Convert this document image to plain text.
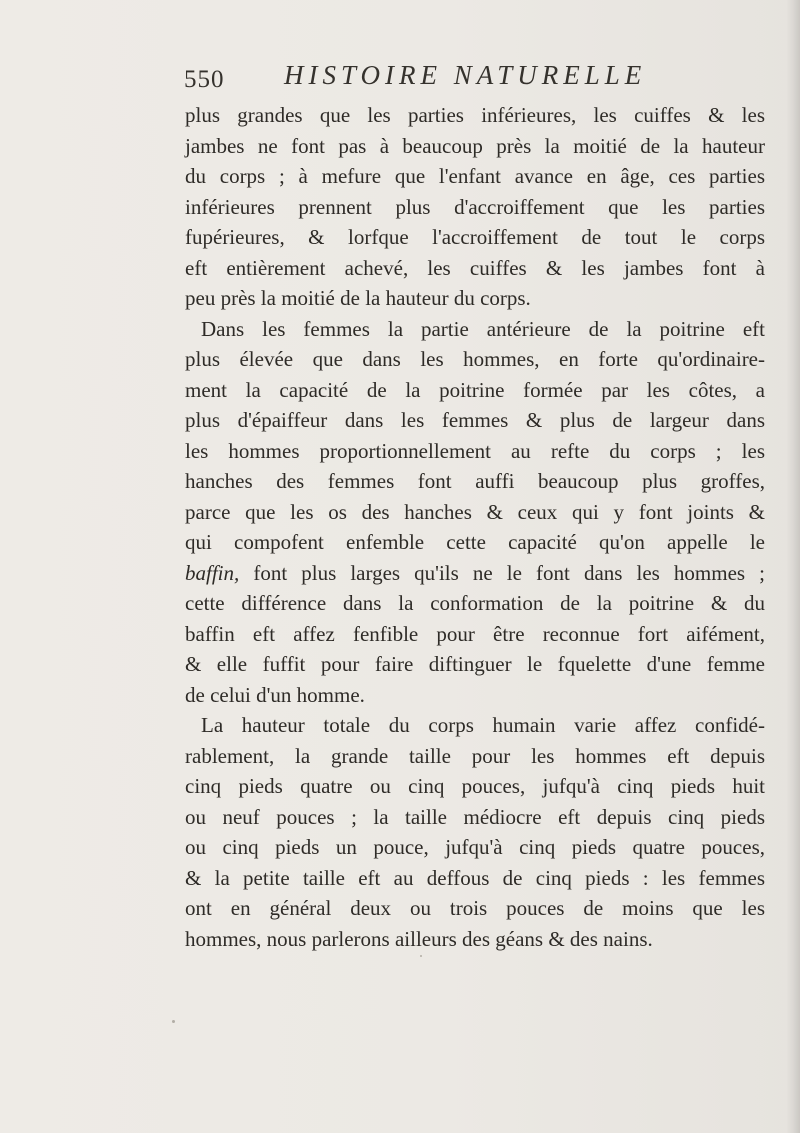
550 HISTOIRE NATURELLE
plus grandes que les parties inférieures, les cuiffes & les
jambes ne font pas à beaucoup près la moitié de la hauteur
du corps ; à mefure que l'enfant avance en âge, ces parties
inférieures prennent plus d'accroiffement que les parties
fupérieures, & lorfque l'accroiffement de tout le corps
eft entièrement achevé, les cuiffes & les jambes font à
peu près la moitié de la hauteur du corps.
Dans les femmes la partie antérieure de la poitrine eft
plus élevée que dans les hommes, en forte qu'ordinaire-
ment la capacité de la poitrine formée par les côtes, a
plus d'épaiffeur dans les femmes & plus de largeur dans
les hommes proportionnellement au refte du corps ; les
hanches des femmes font auffi beaucoup plus groffes,
parce que les os des hanches & ceux qui y font joints &
qui compofent enfemble cette capacité qu'on appelle le
baffin, font plus larges qu'ils ne le font dans les hommes ;
cette différence dans la conformation de la poitrine & du
baffin eft affez fenfible pour être reconnue fort aifément,
& elle fuffit pour faire diftinguer le fquelette d'une femme
de celui d'un homme.
La hauteur totale du corps humain varie affez confidé-
rablement, la grande taille pour les hommes eft depuis
cinq pieds quatre ou cinq pouces, jufqu'à cinq pieds huit
ou neuf pouces ; la taille médiocre eft depuis cinq pieds
ou cinq pieds un pouce, jufqu'à cinq pieds quatre pouces,
& la petite taille eft au deffous de cinq pieds : les femmes
ont en général deux ou trois pouces de moins que les
hommes, nous parlerons ailleurs des géans & des nains.
